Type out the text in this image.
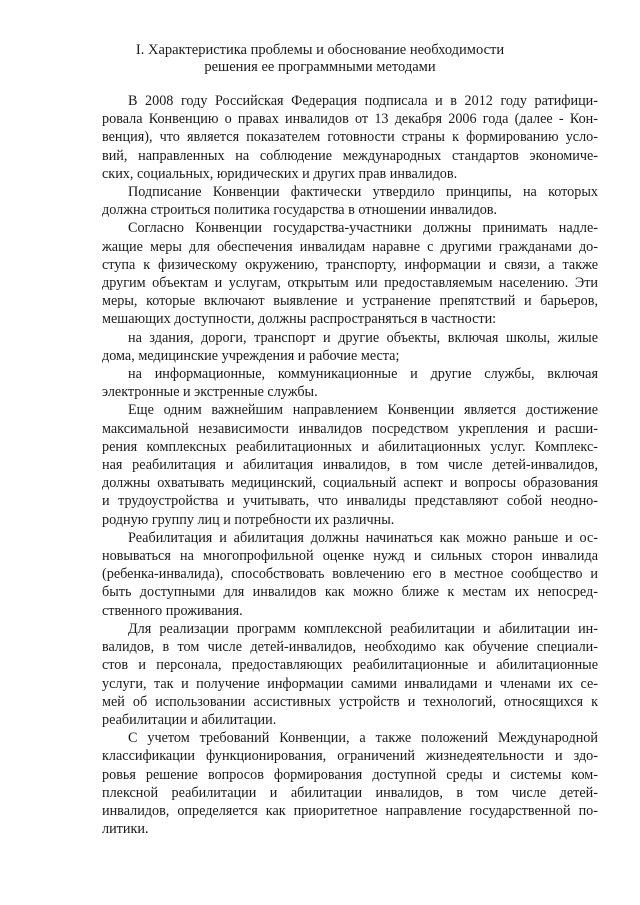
I. Характеристика проблемы и обоснование необходимости
решения ее программными методами
В 2008 году Российская Федерация подписала и в 2012 году ратифици-
ровала Конвенцию о правах инвалидов от 13 декабря 2006 года (далее - Кон-
венция), что является показателем готовности страны к формированию усло-
вий, направленных на соблюдение международных стандартов экономиче-
ских, социальных, юридических и других прав инвалидов.
Подписание Конвенции фактически утвердило принципы, на которых
должна строиться политика государства в отношении инвалидов.
Согласно Конвенции государства-участники должны принимать надле-
жащие меры для обеспечения инвалидам наравне с другими гражданами до-
ступа к физическому окружению, транспорту, информации и связи, а также
другим объектам и услугам, открытым или предоставляемым населению. Эти
меры, которые включают выявление и устранение препятствий и барьеров,
мешающих доступности, должны распространяться в частности:
на здания, дороги, транспорт и другие объекты, включая школы, жилые
дома, медицинские учреждения и рабочие места;
на информационные, коммуникационные и другие службы, включая
электронные и экстренные службы.
Еще одним важнейшим направлением Конвенции является достижение
максимальной независимости инвалидов посредством укрепления и расши-
рения комплексных реабилитационных и абилитационных услуг. Комплекс-
ная реабилитация и абилитация инвалидов, в том числе детей-инвалидов,
должны охватывать медицинский, социальный аспект и вопросы образования
и трудоустройства и учитывать, что инвалиды представляют собой неодно-
родную группу лиц и потребности их различны.
Реабилитация и абилитация должны начинаться как можно раньше и ос-
новываться на многопрофильной оценке нужд и сильных сторон инвалида
(ребенка-инвалида), способствовать вовлечению его в местное сообщество и
быть доступными для инвалидов как можно ближе к местам их непосред-
ственного проживания.
Для реализации программ комплексной реабилитации и абилитации ин-
валидов, в том числе детей-инвалидов, необходимо как обучение специали-
стов и персонала, предоставляющих реабилитационные и абилитационные
услуги, так и получение информации самими инвалидами и членами их се-
мей об использовании ассистивных устройств и технологий, относящихся к
реабилитации и абилитации.
С учетом требований Конвенции, а также положений Международной
классификации функционирования, ограничений жизнедеятельности и здо-
ровья решение вопросов формирования доступной среды и системы ком-
плексной реабилитации и абилитации инвалидов, в том числе детей-
инвалидов, определяется как приоритетное направление государственной по-
литики.
